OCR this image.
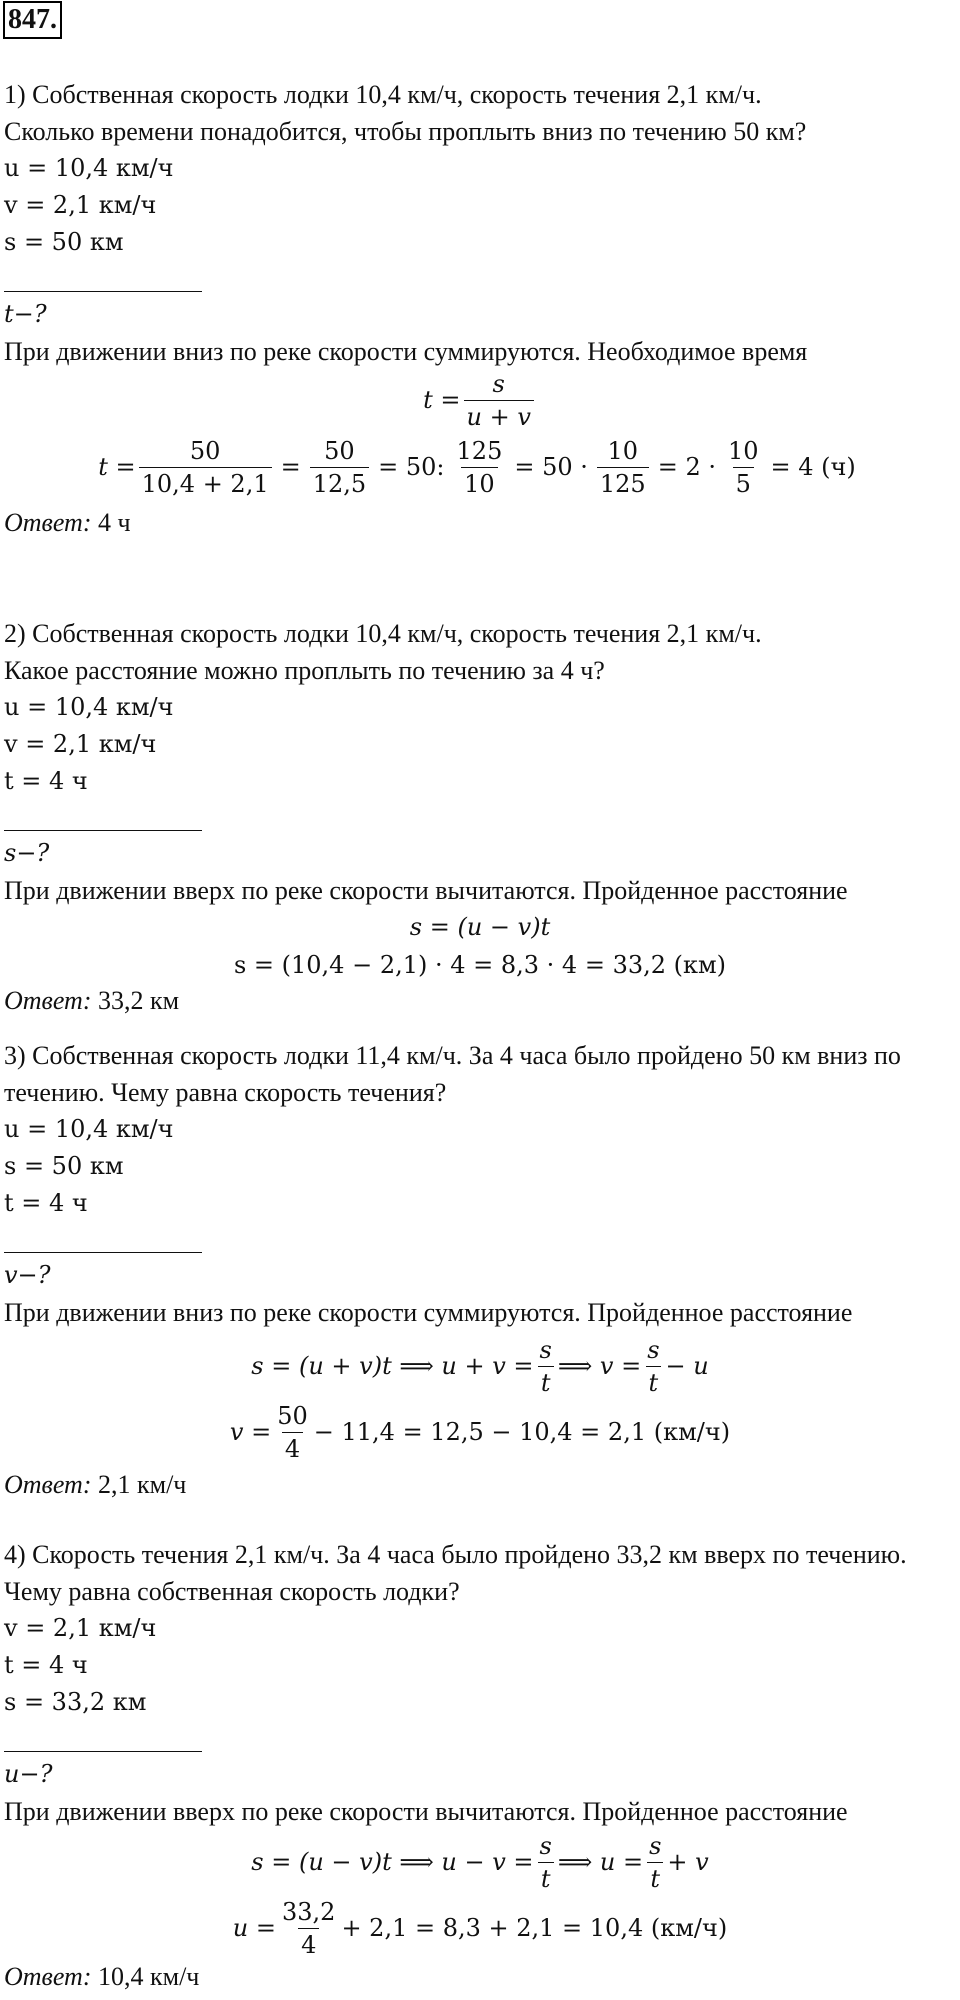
847.
1) Собственная скорость лодки 10,4 км/ч, скорость течения 2,1 км/ч.
Сколько времени понадобится, чтобы проплыть вниз по течению 50 км?
u = 10,4 км/ч
v = 2,1 км/ч
s = 50 км
t−?
При движении вниз по реке скорости суммируются. Необходимое время
$t = \frac{s}{u + v}$
$t = \frac{50}{10,4 + 2,1} = \frac{50}{12,5} = 50$: $\frac{125}{10} = 50 \cdot \frac{10}{125} = 2 \cdot \frac{10}{5} = 4$ (ч)
Ответ: 4 ч
2) Собственная скорость лодки 10,4 км/ч, скорость течения 2,1 км/ч.
Какое расстояние можно проплыть по течению за 4 ч?
u = 10,4 км/ч
v = 2,1 км/ч
t = 4 ч
s−?
При движении вверх по реке скорости вычитаются. Пройденное расстояние
s = (u − v)t
s = (10,4 − 2,1) · 4 = 8,3 · 4 = 33,2 (км)
Ответ: 33,2 км
3) Собственная скорость лодки 11,4 км/ч. За 4 часа было пройдено 50 км вниз по
течению. Чему равна скорость течения?
u = 10,4 км/ч
s = 50 км
t = 4 ч
v−?
При движении вниз по реке скорости суммируются. Пройденное расстояние
s = (u + v)t ⟹ $u + v = \frac{s}{t}$ ⟹ $v = \frac{s}{t} - u$
$v = \frac{50}{4} - 11,4 = 12,5 - 10,4 = 2,1$ (км/ч)
Ответ: 2,1 км/ч
4) Скорость течения 2,1 км/ч. За 4 часа было пройдено 33,2 км вверх по течению.
Чему равна собственная скорость лодки?
v = 2,1 км/ч
t = 4 ч
s = 33,2 км
u−?
При движении вверх по реке скорости вычитаются. Пройденное расстояние
s = (u − v)t ⟹ $u - v = \frac{s}{t}$ ⟹ $u = \frac{s}{t} + v$
$u = \frac{33,2}{4} + 2,1 = 8,3 + 2,1 = 10,4$ (км/ч)
Ответ: 10,4 км/ч
